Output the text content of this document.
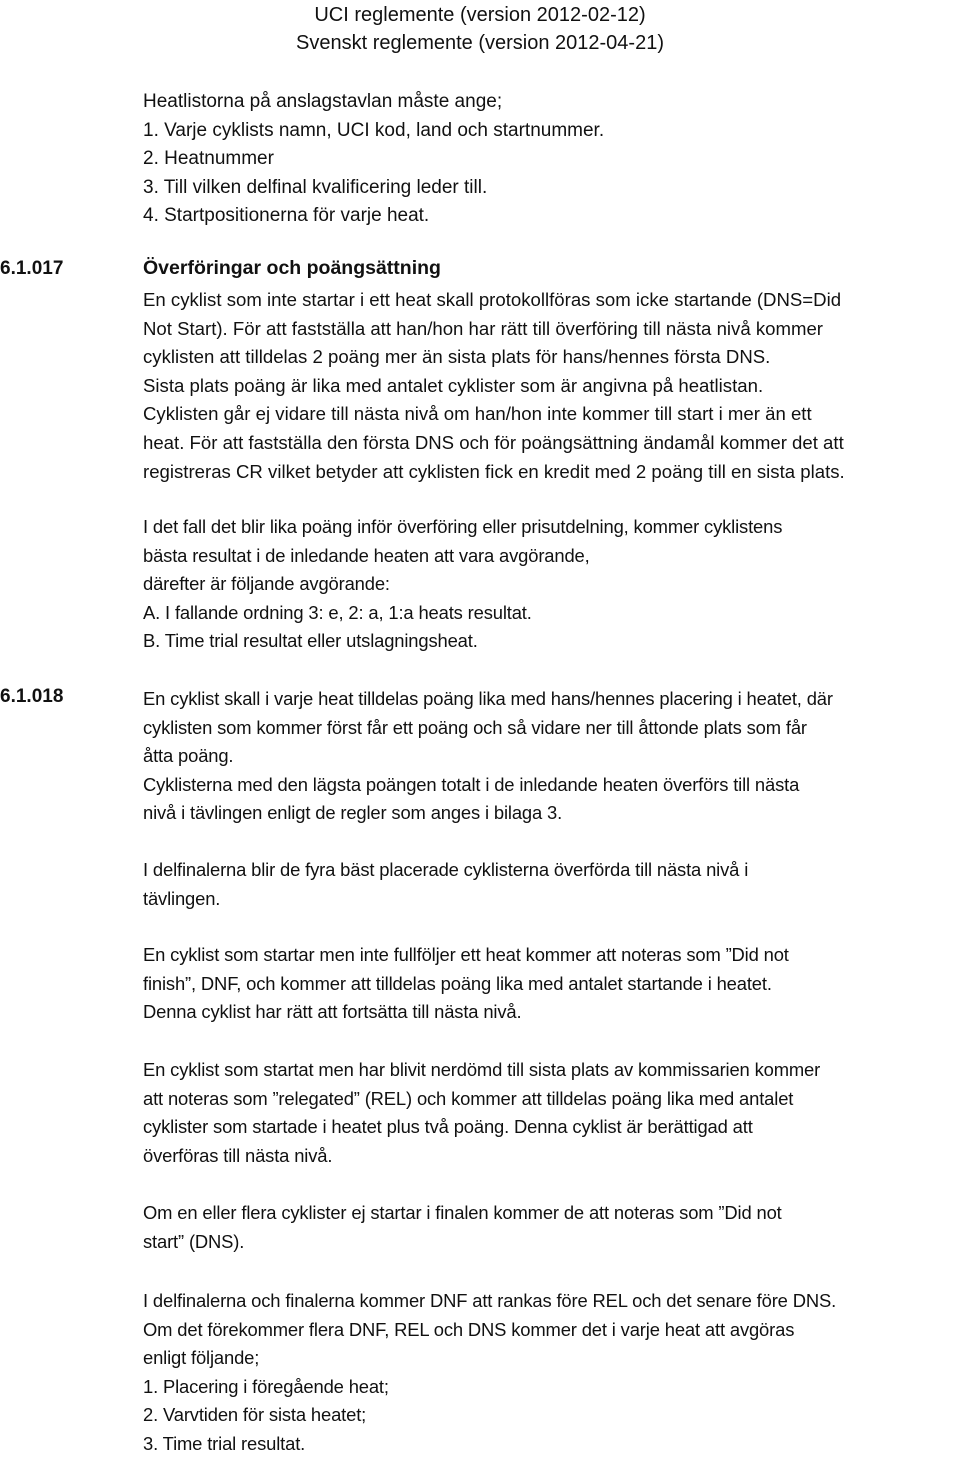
UCI reglemente (version 2012-02-12)
Svenskt reglemente (version 2012-04-21)
Heatlistorna på anslagstavlan måste ange;
1. Varje cyklists namn, UCI kod, land och startnummer.
2. Heatnummer
3. Till vilken delfinal kvalificering leder till.
4. Startpositionerna för varje heat.
6.1.017	Överföringar och poängsättning
En cyklist som inte startar i ett heat skall protokollföras som icke startande (DNS=Did
Not Start). För att fastställa att han/hon har rätt till överföring till nästa nivå kommer
cyklisten att tilldelas 2 poäng mer än sista plats för hans/hennes första DNS.
Sista plats poäng är lika med antalet cyklister som är angivna på heatlistan.
Cyklisten går ej vidare till nästa nivå om han/hon inte kommer till start i mer än ett
heat. För att fastställa den första DNS och för poängsättning ändamål kommer det att
registreras CR vilket betyder att cyklisten fick en kredit med 2 poäng till en sista plats.
I det fall det blir lika poäng inför överföring eller prisutdelning, kommer cyklistens
bästa resultat i de inledande heaten att vara avgörande,
därefter är följande avgörande:
A. I fallande ordning 3: e, 2: a, 1:a heats resultat.
B. Time trial resultat eller utslagningsheat.
6.1.018	En cyklist skall i varje heat tilldelas poäng lika med hans/hennes placering i heatet, där
cyklisten som kommer först får ett poäng och så vidare ner till åttonde plats som får
åtta poäng.
Cyklisterna med den lägsta poängen totalt i de inledande heaten överförs till nästa
nivå i tävlingen enligt de regler som anges i bilaga 3.
I delfinalerna blir de fyra bäst placerade cyklisterna överförda till nästa nivå i
tävlingen.
En cyklist som startar men inte fullföljer ett heat kommer att noteras som ”Did not
finish”, DNF, och kommer att tilldelas poäng lika med antalet startande i heatet.
Denna cyklist har rätt att fortsätta till nästa nivå.
En cyklist som startat men har blivit nerdömd till sista plats av kommissarien kommer
att noteras som ”relegated” (REL) och kommer att tilldelas poäng lika med antalet
cyklister som startade i heatet plus två poäng. Denna cyklist är berättigad att
överföras till nästa nivå.
Om en eller flera cyklister ej startar i finalen kommer de att noteras som ”Did not
start” (DNS).
I delfinalerna och finalerna kommer DNF att rankas före REL och det senare före DNS.
Om det förekommer flera DNF, REL och DNS kommer det i varje heat att avgöras
enligt följande;
1. Placering i föregående heat;
2. Varvtiden för sista heatet;
3. Time trial resultat.
